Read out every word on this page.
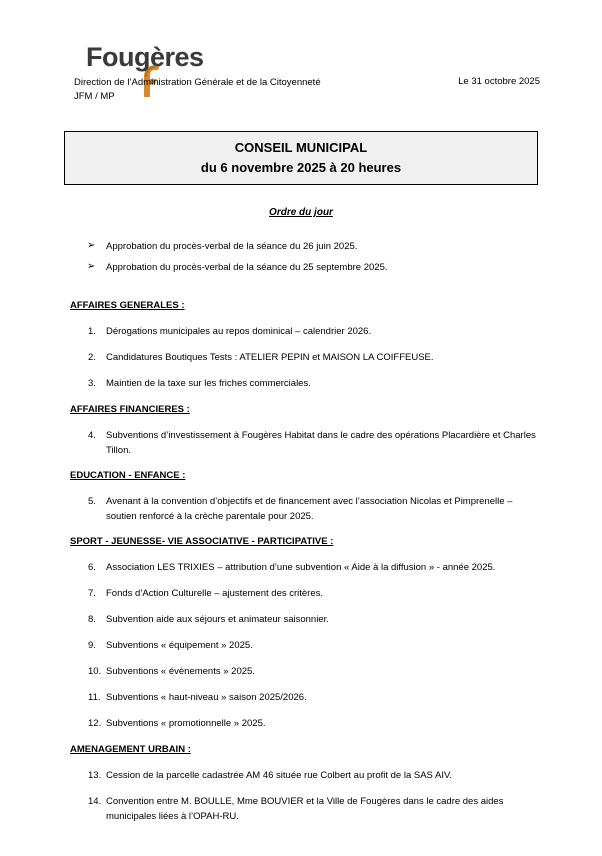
Fougères
Direction de l’Administration Générale et de la Citoyenneté
JFM / MP
Le 31 octobre 2025
CONSEIL MUNICIPAL
du 6 novembre 2025 à 20 heures
Ordre du jour
➢ Approbation du procès-verbal de la séance du 26 juin 2025.
➢ Approbation du procès-verbal de la séance du 25 septembre 2025.
AFFAIRES GENERALES :
1. Dérogations municipales au repos dominical – calendrier 2026.
2. Candidatures Boutiques Tests : ATELIER PEPIN et MAISON LA COIFFEUSE.
3. Maintien de la taxe sur les friches commerciales.
AFFAIRES FINANCIERES :
4. Subventions d’investissement à Fougères Habitat dans le cadre des opérations Placardière et Charles Tillon.
EDUCATION - ENFANCE :
5. Avenant à la convention d’objectifs et de financement avec l’association Nicolas et Pimprenelle – soutien renforcé à la crèche parentale pour 2025.
SPORT - JEUNESSE- VIE ASSOCIATIVE - PARTICIPATIVE :
6. Association LES TRIXIES – attribution d’une subvention « Aide à la diffusion » - année 2025.
7. Fonds d’Action Culturelle – ajustement des critères.
8. Subvention aide aux séjours et animateur saisonnier.
9. Subventions « équipement » 2025.
10. Subventions « évènements » 2025.
11. Subventions « haut-niveau » saison 2025/2026.
12. Subventions « promotionnelle » 2025.
AMENAGEMENT URBAIN :
13. Cession de la parcelle cadastrée AM 46 située rue Colbert au profit de la SAS AIV.
14. Convention entre M. BOULLE, Mme BOUVIER et la Ville de Fougères dans le cadre des aides municipales liées à l’OPAH-RU.
